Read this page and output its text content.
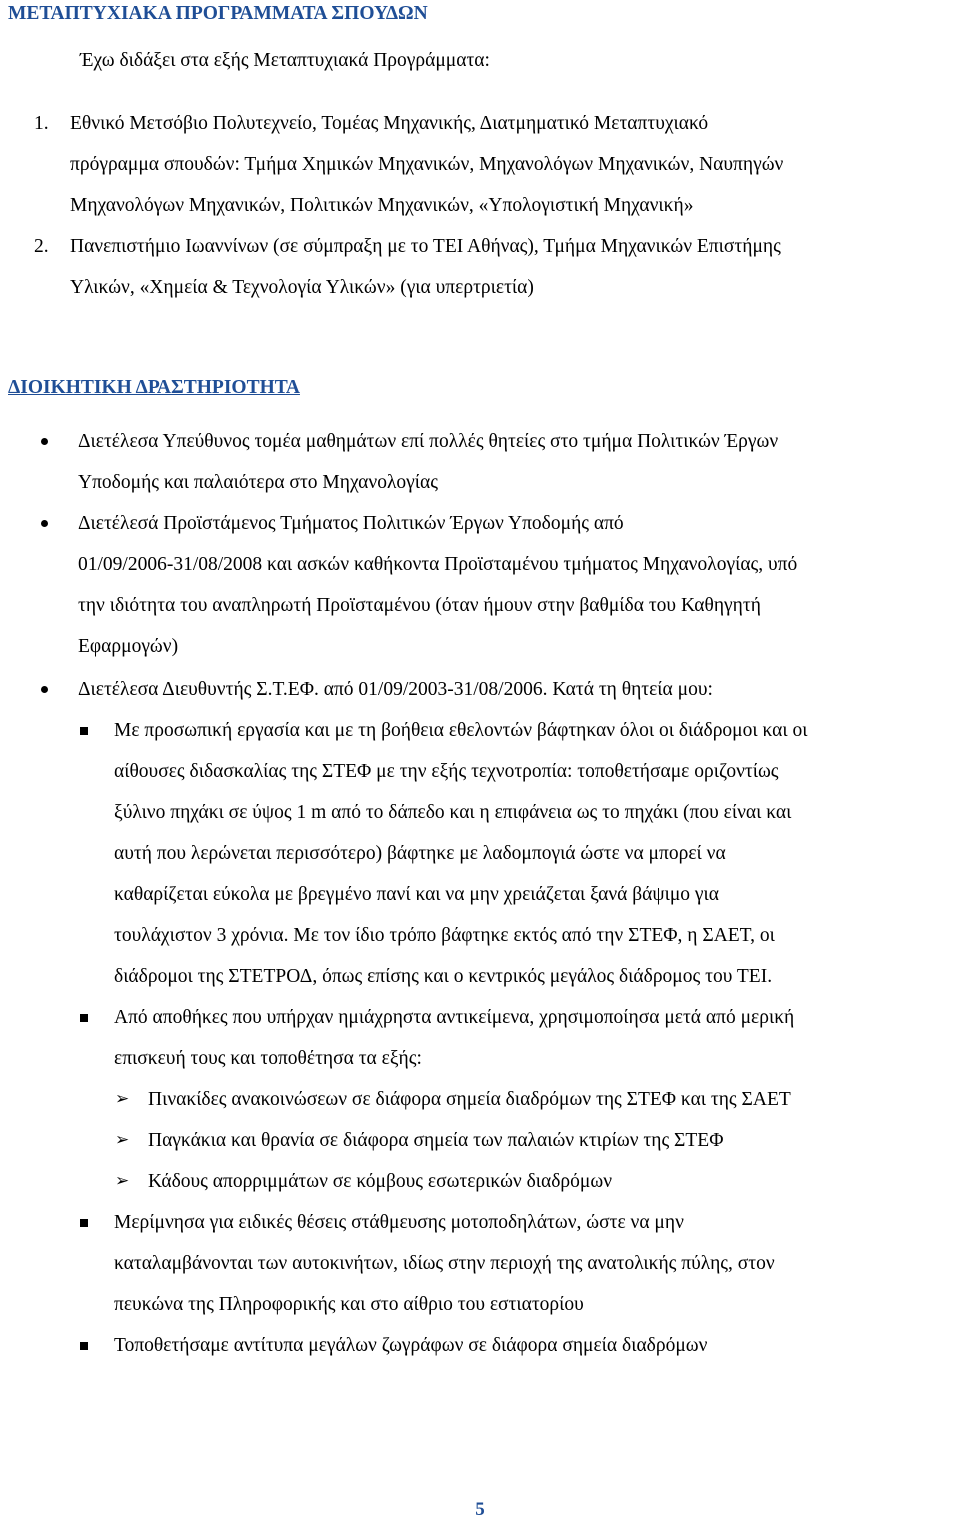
ΜΕΤΑΠΤΥΧΙΑΚΑ ΠΡΟΓΡΑΜΜΑΤΑ ΣΠΟΥΔΩΝ
Έχω διδάξει στα εξής Μεταπτυχιακά Προγράμματα:
1. Εθνικό Μετσόβιο Πολυτεχνείο, Τομέας Μηχανικής, Διατμηματικό Μεταπτυχιακό
πρόγραμμα σπουδών: Τμήμα Χημικών Μηχανικών, Μηχανολόγων Μηχανικών, Ναυπηγών
Μηχανολόγων Μηχανικών, Πολιτικών Μηχανικών, «Υπολογιστική Μηχανική»
2. Πανεπιστήμιο Ιωαννίνων (σε σύμπραξη με το ΤΕΙ Αθήνας), Τμήμα Μηχανικών Επιστήμης
Υλικών, «Χημεία & Τεχνολογία Υλικών» (για υπερτριετία)
ΔΙΟΙΚΗΤΙΚΗ ΔΡΑΣΤΗΡΙΟΤΗΤΑ
Διετέλεσα Υπεύθυνος τομέα μαθημάτων επί πολλές θητείες στο τμήμα Πολιτικών Έργων
Υποδομής και παλαιότερα στο Μηχανολογίας
Διετέλεσά Προϊστάμενος Τμήματος Πολιτικών Έργων Υποδομής από
01/09/2006-31/08/2008 και ασκών καθήκοντα Προϊσταμένου τμήματος Μηχανολογίας, υπό
την ιδιότητα του αναπληρωτή Προϊσταμένου (όταν ήμουν στην βαθμίδα του Καθηγητή
Εφαρμογών)
Διετέλεσα Διευθυντής Σ.Τ.ΕΦ. από 01/09/2003-31/08/2006. Κατά τη θητεία μου:
Με προσωπική εργασία και με τη βοήθεια εθελοντών βάφτηκαν όλοι οι διάδρομοι και οι
αίθουσες διδασκαλίας της ΣΤΕΦ με την εξής τεχνοτροπία: τοποθετήσαμε οριζοντίως
ξύλινο πηχάκι σε ύψος 1 m από το δάπεδο και η επιφάνεια ως το πηχάκι (που είναι και
αυτή που λερώνεται περισσότερο) βάφτηκε με λαδομπογιά ώστε να μπορεί να
καθαρίζεται εύκολα με βρεγμένο πανί και να μην χρειάζεται ξανά βάψιμο για
τουλάχιστον 3 χρόνια. Με τον ίδιο τρόπο βάφτηκε εκτός από την ΣΤΕΦ, η ΣΑΕΤ, οι
διάδρομοι της ΣΤΕΤΡΟΔ, όπως επίσης και ο κεντρικός μεγάλος διάδρομος του ΤΕΙ.
Από αποθήκες που υπήρχαν ημιάχρηστα αντικείμενα, χρησιμοποίησα μετά από μερική
επισκευή τους και τοποθέτησα τα εξής:
➢ Πινακίδες ανακοινώσεων σε διάφορα σημεία διαδρόμων της ΣΤΕΦ και της ΣΑΕΤ
➢ Παγκάκια και θρανία σε διάφορα σημεία των παλαιών κτιρίων της ΣΤΕΦ
➢ Κάδους απορριμμάτων σε κόμβους εσωτερικών διαδρόμων
Μερίμνησα για ειδικές θέσεις στάθμευσης μοτοποδηλάτων, ώστε να μην
καταλαμβάνονται των αυτοκινήτων, ιδίως στην περιοχή της ανατολικής πύλης, στον
πευκώνα της Πληροφορικής και στο αίθριο του εστιατορίου
Τοποθετήσαμε αντίτυπα μεγάλων ζωγράφων σε διάφορα σημεία διαδρόμων
5
